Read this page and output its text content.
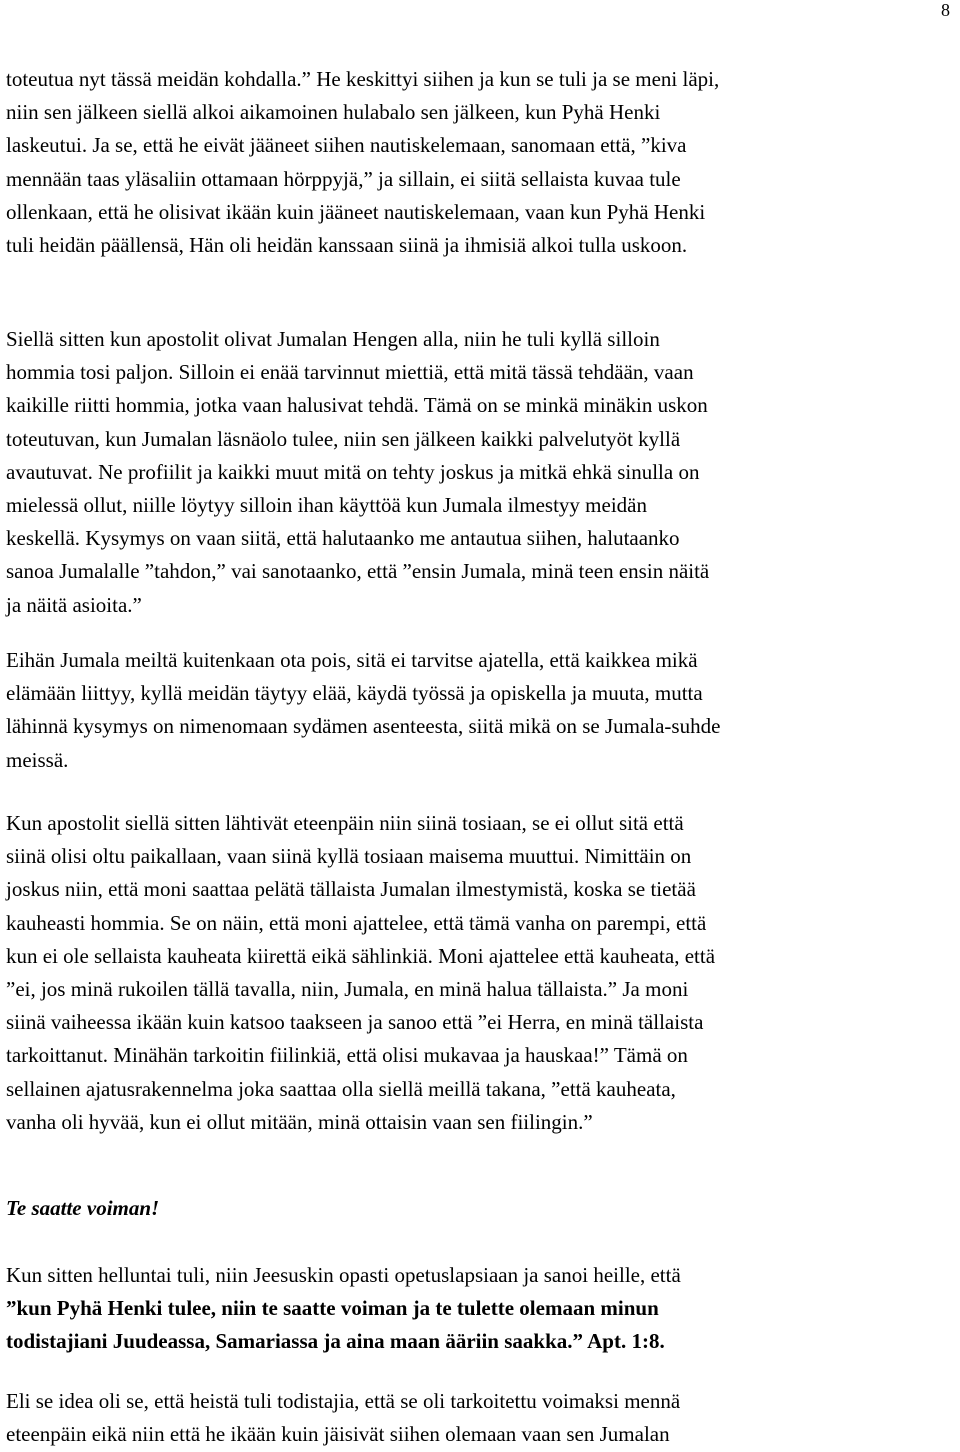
8

toteutua nyt tässä meidän kohdalla.” He keskittyi siihen ja kun se tuli ja se meni läpi,
niin sen jälkeen siellä alkoi aikamoinen hulabalo sen jälkeen, kun Pyhä Henki
laskeutui. Ja se, että he eivät jääneet siihen nautiskelemaan, sanomaan että, ”kiva
mennään taas yläsaliin ottamaan hörppyjä,” ja sillain, ei siitä sellaista kuvaa tule
ollenkaan, että he olisivat ikään kuin jääneet nautiskelemaan, vaan kun Pyhä Henki
tuli heidän päällensä, Hän oli heidän kanssaan siinä ja ihmisiä alkoi tulla uskoon.

Siellä sitten kun apostolit olivat Jumalan Hengen alla, niin he tuli kyllä silloin
hommia tosi paljon. Silloin ei enää tarvinnut miettiä, että mitä tässä tehdään, vaan
kaikille riitti hommia, jotka vaan halusivat tehdä. Tämä on se minkä minäkin uskon
toteutuvan, kun Jumalan läsnäolo tulee, niin sen jälkeen kaikki palvelutyöt kyllä
avautuvat. Ne profiilit ja kaikki muut mitä on tehty joskus ja mitkä ehkä sinulla on
mielessä ollut, niille löytyy silloin ihan käyttöä kun Jumala ilmestyy meidän
keskellä. Kysymys on vaan siitä, että halutaanko me antautua siihen, halutaanko
sanoa Jumalalle ”tahdon,” vai sanotaanko, että ”ensin Jumala, minä teen ensin näitä
ja näitä asioita.”

Eihän Jumala meiltä kuitenkaan ota pois, sitä ei tarvitse ajatella, että kaikkea mikä
elämään liittyy, kyllä meidän täytyy elää, käydä työssä ja opiskella ja muuta, mutta
lähinnä kysymys on nimenomaan sydämen asenteesta, siitä mikä on se Jumala-suhde
meissä.

Kun apostolit siellä sitten lähtivät eteenpäin niin siinä tosiaan, se ei ollut sitä että
siinä olisi oltu paikallaan, vaan siinä kyllä tosiaan maisema muuttui. Nimittäin on
joskus niin, että moni saattaa pelätä tällaista Jumalan ilmestymistä, koska se tietää
kauheasti hommia. Se on näin, että moni ajattelee, että tämä vanha on parempi, että
kun ei ole sellaista kauheata kiirettä eikä sählinkiä. Moni ajattelee että kauheata, että
”ei, jos minä rukoilen tällä tavalla, niin, Jumala, en minä halua tällaista.” Ja moni
siinä vaiheessa ikään kuin katsoo taakseen ja sanoo että ”ei Herra, en minä tällaista
tarkoittanut. Minähän tarkoitin fiilinkiä, että olisi mukavaa ja hauskaa!” Tämä on
sellainen ajatusrakennelma joka saattaa olla siellä meillä takana, ”että kauheata,
vanha oli hyvää, kun ei ollut mitään, minä ottaisin vaan sen fiilingin.”

Te saatte voiman!

Kun sitten helluntai tuli, niin Jeesuskin opasti opetuslapsiaan ja sanoi heille, että
”kun Pyhä Henki tulee, niin te saatte voiman ja te tulette olemaan minun
todistajiani Juudeassa, Samariassa ja aina maan ääriin saakka.” Apt. 1:8.

Eli se idea oli se, että heistä tuli todistajia, että se oli tarkoitettu voimaksi mennä
eteenpäin eikä niin että he ikään kuin jäisivät siihen olemaan vaan sen Jumalan
